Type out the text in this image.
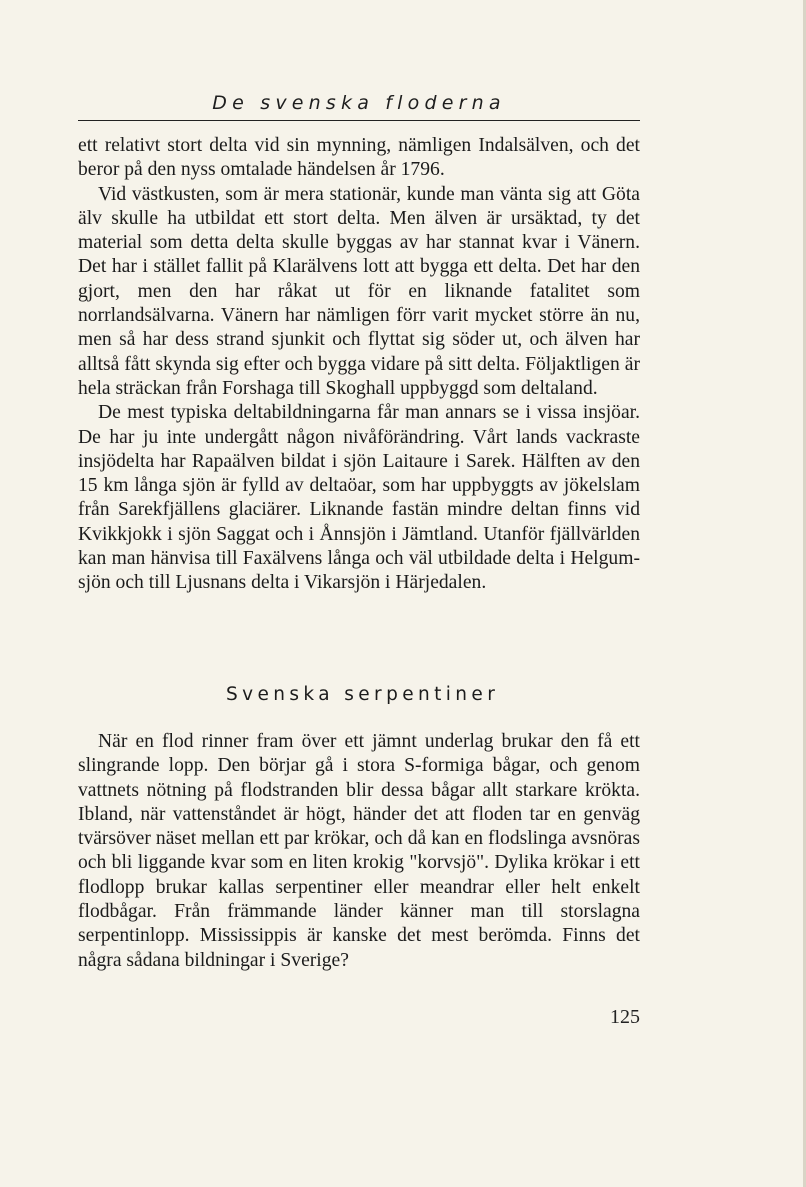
De svenska floderna

ett relativt stort delta vid sin mynning, nämligen Indalsälven, och det beror på den nyss omtalade händelsen år 1796.

Vid västkusten, som är mera stationär, kunde man vänta sig att Göta älv skulle ha utbildat ett stort delta. Men älven är ursäktad, ty det material som detta delta skulle byggas av har stannat kvar i Vänern. Det har i stället fallit på Klarälvens lott att bygga ett delta. Det har den gjort, men den har råkat ut för en liknande fatalitet som norrlandsälvarna. Vänern har nämligen förr varit mycket större än nu, men så har dess strand sjunkit och flyttat sig söder ut, och älven har alltså fått skynda sig efter och bygga vidare på sitt delta. Följaktligen är hela sträckan från Forshaga till Skoghall uppbyggd som deltaland.

De mest typiska deltabildningarna får man annars se i vissa insjöar. De har ju inte undergått någon nivåförändring. Vårt lands vackraste insjödelta har Rapaälven bildat i sjön Laitaure i Sarek. Hälften av den 15 km långa sjön är fylld av deltaöar, som har uppbyggts av jökelslam från Sarekfjällens glaciärer. Liknande fastän mindre deltan finns vid Kvikkjokk i sjön Saggat och i Ånnsjön i Jämtland. Utanför fjällvärlden kan man hänvisa till Faxälvens långa och väl utbildade delta i Helgumsjön och till Ljusnans delta i Vikarsjön i Härjedalen.

Svenska serpentiner

När en flod rinner fram över ett jämnt underlag brukar den få ett slingrande lopp. Den börjar gå i stora S-formiga bågar, och genom vattnets nötning på flodstranden blir dessa bågar allt starkare krökta. Ibland, när vattenståndet är högt, händer det att floden tar en genväg tvärsöver näset mellan ett par krökar, och då kan en flodslinga avsnöras och bli liggande kvar som en liten krokig "korvsjö". Dylika krökar i ett flodlopp brukar kallas serpentiner eller meandrar eller helt enkelt flodbågar. Från främmande länder känner man till storslagna serpentinlopp. Mississippis är kanske det mest berömda. Finns det några sådana bildningar i Sverige?

125
